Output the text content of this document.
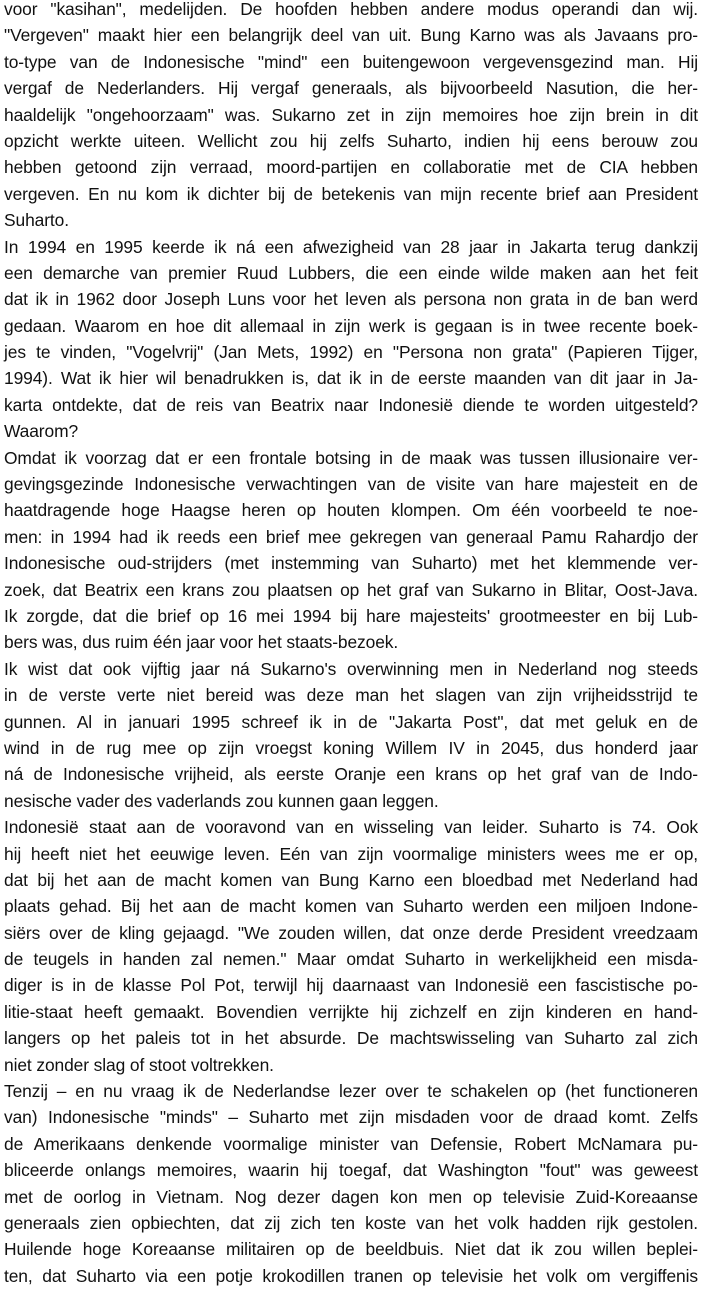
voor "kasihan", medelijden. De hoofden hebben andere modus operandi dan wij.
"Vergeven" maakt hier een belangrijk deel van uit. Bung Karno was als Javaans pro-
to-type van de Indonesische "mind" een buitengewoon vergevensgezind man. Hij
vergaf de Nederlanders. Hij vergaf generaals, als bijvoorbeeld Nasution, die her-
haaldelijk "ongehoorzaam" was. Sukarno zet in zijn memoires hoe zijn brein in dit
opzicht werkte uiteen. Wellicht zou hij zelfs Suharto, indien hij eens berouw zou
hebben getoond zijn verraad, moord-partijen en collaboratie met de CIA hebben
vergeven. En nu kom ik dichter bij de betekenis van mijn recente brief aan President
Suharto.

In 1994 en 1995 keerde ik ná een afwezigheid van 28 jaar in Jakarta terug dankzij
een demarche van premier Ruud Lubbers, die een einde wilde maken aan het feit
dat ik in 1962 door Joseph Luns voor het leven als persona non grata in de ban werd
gedaan. Waarom en hoe dit allemaal in zijn werk is gegaan is in twee recente boek-
jes te vinden, "Vogelvrij" (Jan Mets, 1992) en "Persona non grata" (Papieren Tijger,
1994). Wat ik hier wil benadrukken is, dat ik in de eerste maanden van dit jaar in Ja-
karta ontdekte, dat de reis van Beatrix naar Indonesië diende te worden uitgesteld?
Waarom?

Omdat ik voorzag dat er een frontale botsing in de maak was tussen illusionaire ver-
gevingsgezinde Indonesische verwachtingen van de visite van hare majesteit en de
haatdragende hoge Haagse heren op houten klompen. Om één voorbeeld te noe-
men: in 1994 had ik reeds een brief mee gekregen van generaal Pamu Rahardjo der
Indonesische oud-strijders (met instemming van Suharto) met het klemmende ver-
zoek, dat Beatrix een krans zou plaatsen op het graf van Sukarno in Blitar, Oost-Java.
Ik zorgde, dat die brief op 16 mei 1994 bij hare majesteits' grootmeester en bij Lub-
bers was, dus ruim één jaar voor het staats-bezoek.

Ik wist dat ook vijftig jaar ná Sukarno's overwinning men in Nederland nog steeds
in de verste verte niet bereid was deze man het slagen van zijn vrijheidsstrijd te
gunnen. Al in januari 1995 schreef ik in de "Jakarta Post", dat met geluk en de
wind in de rug mee op zijn vroegst koning Willem IV in 2045, dus honderd jaar
ná de Indonesische vrijheid, als eerste Oranje een krans op het graf van de Indo-
nesische vader des vaderlands zou kunnen gaan leggen.

Indonesië staat aan de vooravond van en wisseling van leider. Suharto is 74. Ook
hij heeft niet het eeuwige leven. Eén van zijn voormalige ministers wees me er op,
dat bij het aan de macht komen van Bung Karno een bloedbad met Nederland had
plaats gehad. Bij het aan de macht komen van Suharto werden een miljoen Indone-
siërs over de kling gejaagd. "We zouden willen, dat onze derde President vreedzaam
de teugels in handen zal nemen." Maar omdat Suharto in werkelijkheid een misda-
diger is in de klasse Pol Pot, terwijl hij daarnaast van Indonesië een fascistische po-
litie-staat heeft gemaakt. Bovendien verrijkte hij zichzelf en zijn kinderen en hand-
langers op het paleis tot in het absurde. De machtswisseling van Suharto zal zich
niet zonder slag of stoot voltrekken.

Tenzij – en nu vraag ik de Nederlandse lezer over te schakelen op (het functioneren
van) Indonesische "minds" – Suharto met zijn misdaden voor de draad komt. Zelfs
de Amerikaans denkende voormalige minister van Defensie, Robert McNamara pu-
bliceerde onlangs memoires, waarin hij toegaf, dat Washington "fout" was geweest
met de oorlog in Vietnam. Nog dezer dagen kon men op televisie Zuid-Koreaanse
generaals zien opbiechten, dat zij zich ten koste van het volk hadden rijk gestolen.
Huilende hoge Koreaanse militairen op de beeldbuis. Niet dat ik zou willen beplei-
ten, dat Suharto via een potje krokodillen tranen op televisie het volk om vergiffenis
